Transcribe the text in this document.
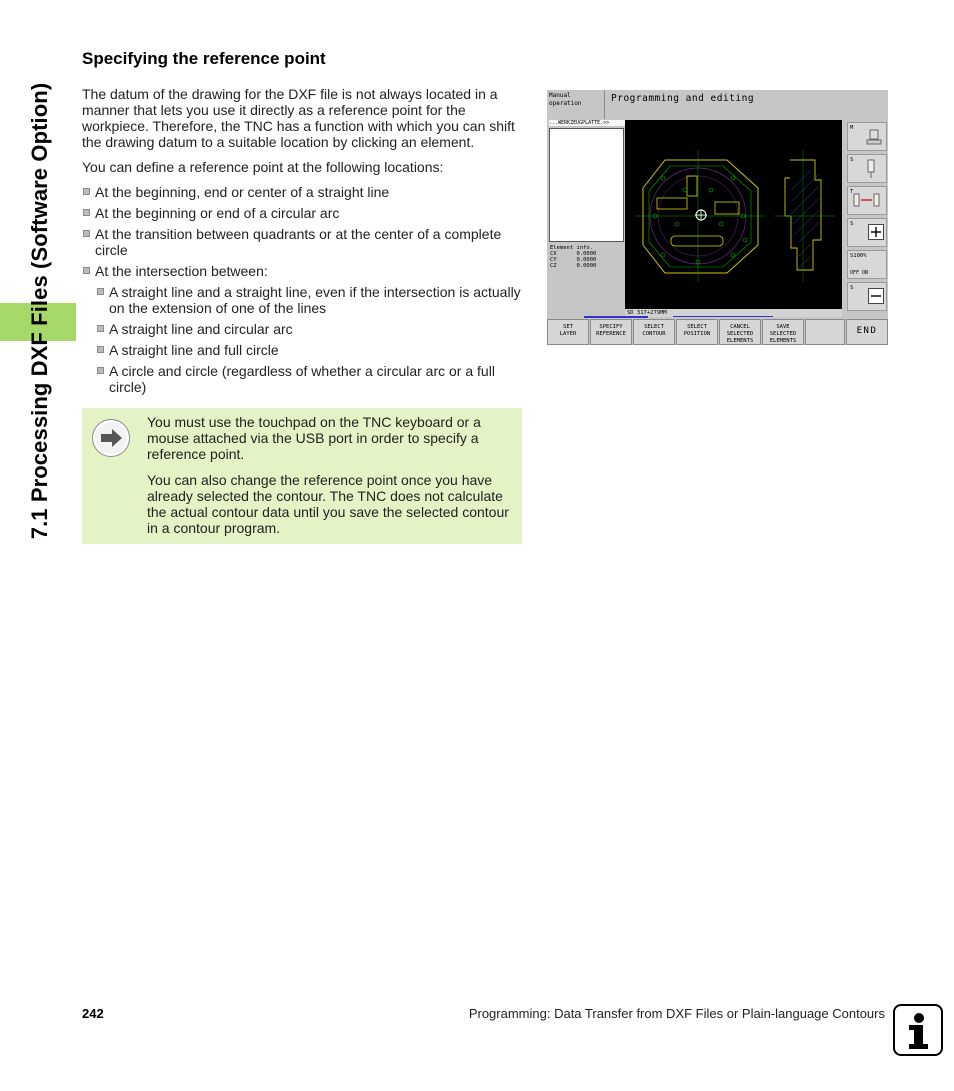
7.1 Processing DXF Files (Software Option)
Specifying the reference point

The datum of the drawing for the DXF file is not always located in a manner that lets you use it directly as a reference point for the workpiece. Therefore, the TNC has a function with which you can shift the drawing datum to a suitable location by clicking an element.

You can define a reference point at the following locations:

At the beginning, end or center of a straight line
At the beginning or end of a circular arc
At the transition between quadrants or at the center of a complete circle
At the intersection between:
A straight line and a straight line, even if the intersection is actually on the extension of one of the lines
A straight line and circular arc
A straight line and full circle
A circle and circle (regardless of whether a circular arc or a full circle)

You must use the touchpad on the TNC keyboard or a mouse attached via the USB port in order to specify a reference point.

You can also change the reference point once you have already selected the contour. The TNC does not calculate the actual contour data until you save the selected contour in a contour program.

Manual
operation	Programming and editing
...WERKZEUGPLATTE.>>
Element info.
CX      0.0000
CY      0.0000
CZ      0.0000
SD 317+279MM
M
S
T
S
S100%
OFF ON
S
SET
LAYER
SPECIFY
REFERENCE
SELECT
CONTOUR
SELECT
POSITION
CANCEL
SELECTED
ELEMENTS
SAVE
SELECTED
ELEMENTS
END
242	Programming: Data Transfer from DXF Files or Plain-language Contours
